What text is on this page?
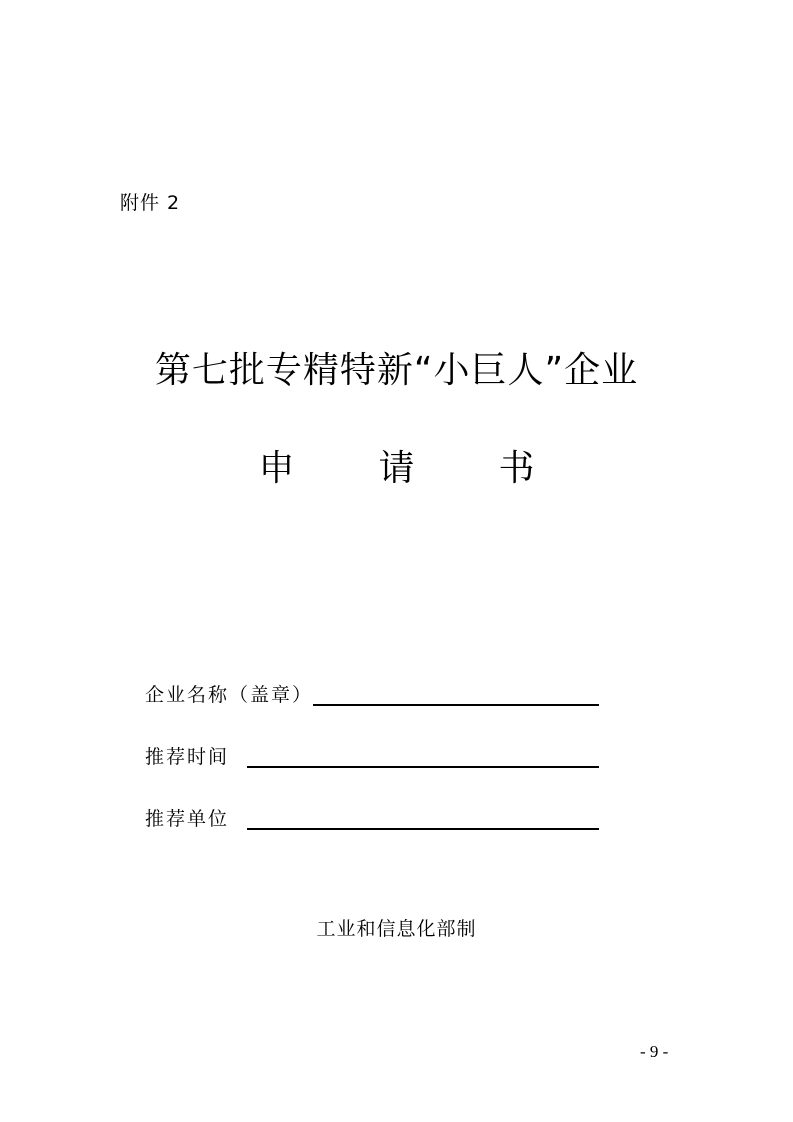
附件 2
第七批专精特新“小巨人”企业
申 请 书
企业名称（盖章）
推荐时间
推荐单位
工业和信息化部制
- 9 -
